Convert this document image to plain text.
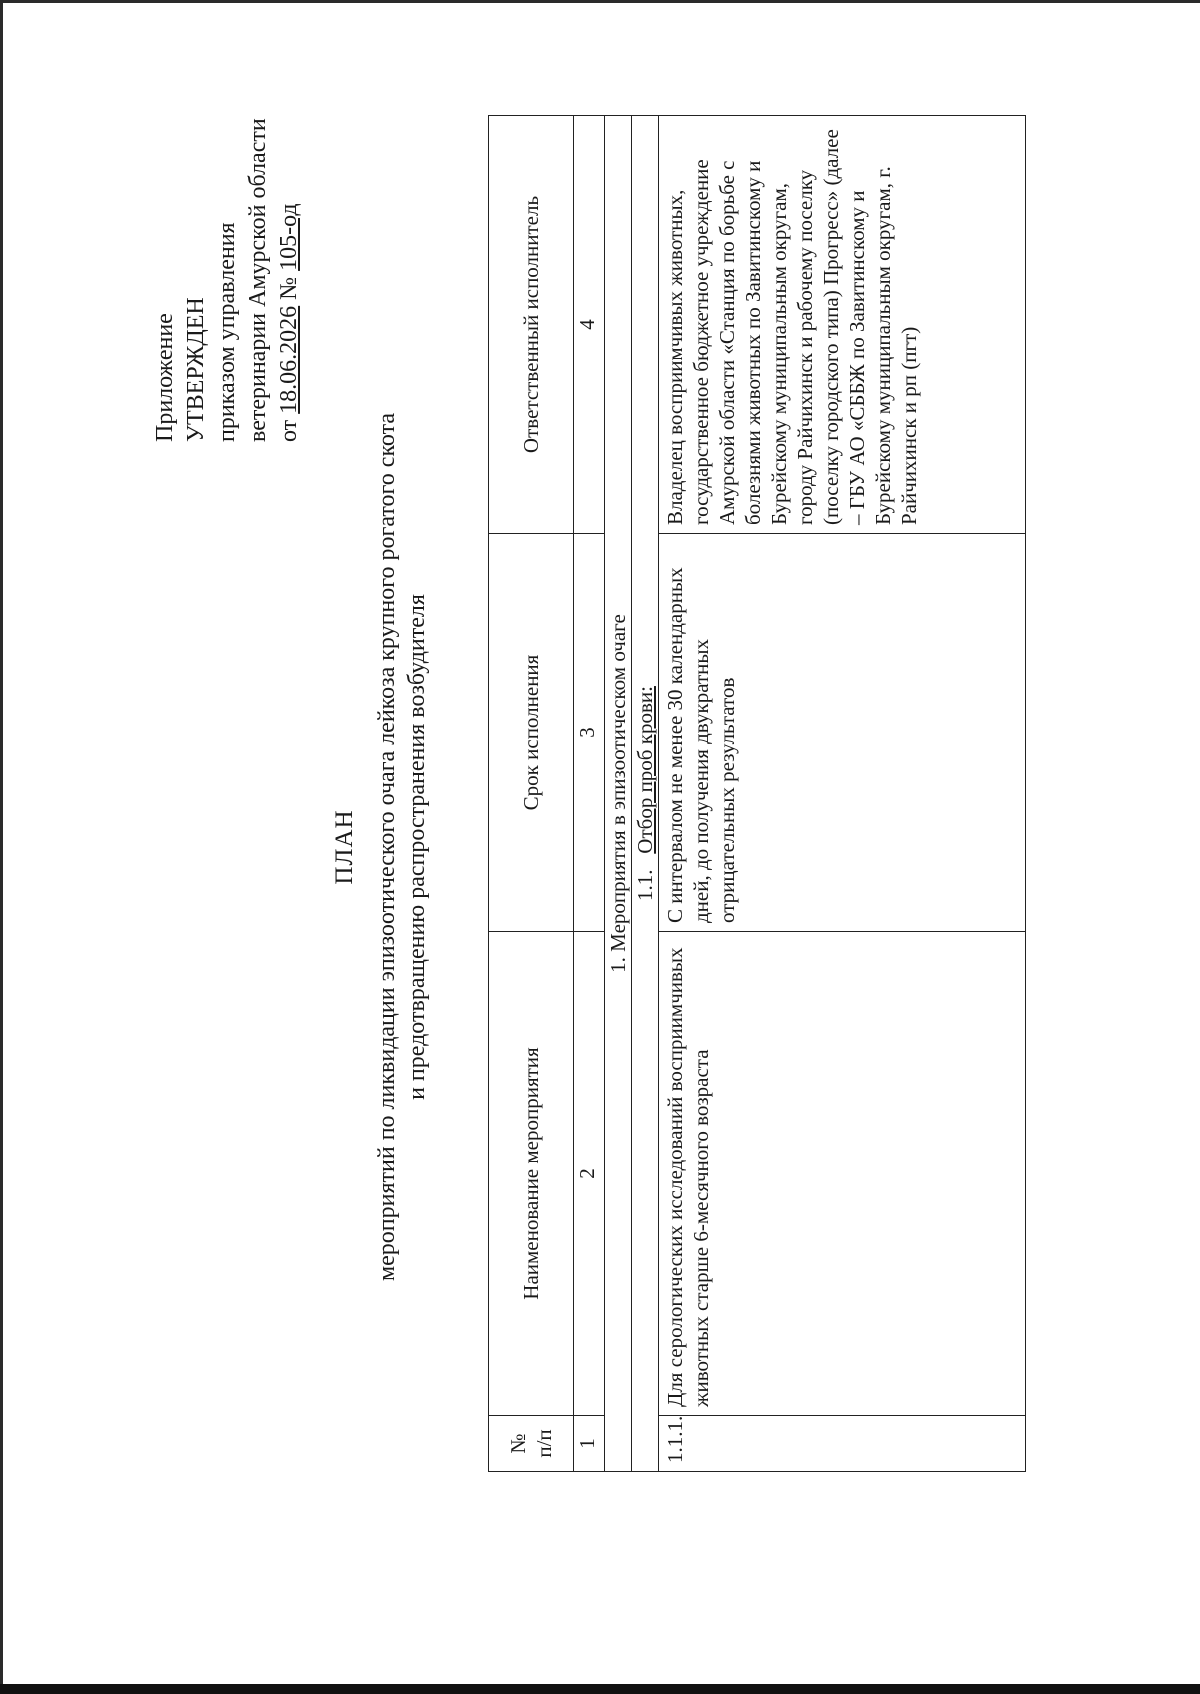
Приложение УТВЕРЖДЕН приказом управления ветеринарии Амурской области от 18.06.2026 № 105-од
ПЛАН мероприятий по ликвидации эпизоотического очага лейкоза крупного рогатого скота и предотвращению распространения возбудителя
№ п/п	Наименование мероприятия	Срок исполнения	Ответственный исполнитель
1	2	3	4
1. Мероприятия в эпизоотическом очаге			
1.1.   Отбор проб крови:			
1.1.1.	Для серологических исследований восприимчивых животных старше 6-месячного возраста	С интервалом не менее 30 календарных дней, до получения двукратных отрицательных результатов	Владелец восприимчивых животных, государственное бюджетное учреждение Амурской области «Станция по борьбе с болезнями животных по Завитинскому и Бурейскому муниципальным округам, городу Райчихинск и рабочему поселку (поселку городского типа) Прогресс» (далее – ГБУ АО «СББЖ по Завитинскому и Бурейскому муниципальным округам, г. Райчихинск и рп (пгт)
